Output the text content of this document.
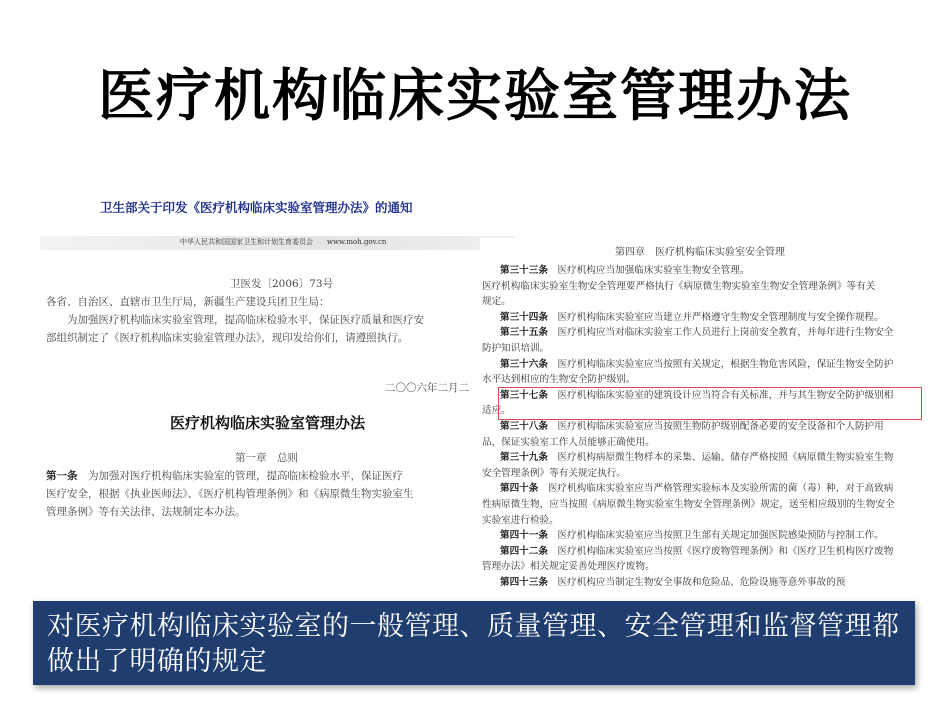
医疗机构临床实验室管理办法
卫生部关于印发《医疗机构临床实验室管理办法》的通知
中华人民共和国国家卫生和计划生育委员会　　www.moh.gov.cn
卫医发〔2006〕73号
各省、自治区、直辖市卫生厅局，新疆生产建设兵团卫生局：
　　为加强医疗机构临床实验室管理，提高临床检验水平，保证医疗质量和医疗安
部组织制定了《医疗机构临床实验室管理办法》，现印发给你们，请遵照执行。
二〇〇六年二月二
医疗机构临床实验室管理办法
第一章　总则
第一条　为加强对医疗机构临床实验室的管理，提高临床检验水平，保证医疗
医疗安全，根据《执业医师法》、《医疗机构管理条例》和《病原微生物实验室生
管理条例》等有关法律、法规制定本办法。
第四章　医疗机构临床实验室安全管理
第三十三条　医疗机构应当加强临床实验室生物安全管理。
医疗机构临床实验室生物安全管理要严格执行《病原微生物实验室生物安全管理条例》等有关
规定。
第三十四条　医疗机构临床实验室应当建立并严格遵守生物安全管理制度与安全操作规程。
第三十五条　医疗机构应当对临床实验室工作人员进行上岗前安全教育，并每年进行生物安全
防护知识培训。
第三十六条　医疗机构临床实验室应当按照有关规定，根据生物危害风险，保证生物安全防护
水平达到相应的生物安全防护级别。
第三十七条　医疗机构临床实验室的建筑设计应当符合有关标准，并与其生物安全防护级别相
适应。
第三十八条　医疗机构临床实验室应当按照生物防护级别配备必要的安全设备和个人防护用
品，保证实验室工作人员能够正确使用。
第三十九条　医疗机构病原微生物样本的采集、运输、储存严格按照《病原微生物实验室生物
安全管理条例》等有关规定执行。
第四十条　医疗机构临床实验室应当严格管理实验标本及实验所需的菌（毒）种，对于高致病
性病原微生物，应当按照《病原微生物实验室生物安全管理条例》规定，送至相应级别的生物安全
实验室进行检验。
第四十一条　医疗机构临床实验室应当按照卫生部有关规定加强医院感染预防与控制工作。
第四十二条　医疗机构临床实验室应当按照《医疗废物管理条例》和《医疗卫生机构医疗废物
管理办法》相关规定妥善处理医疗废物。
第四十三条　医疗机构应当制定生物安全事故和危险品、危险设施等意外事故的预
对医疗机构临床实验室的一般管理、质量管理、安全管理和监督管理都做出了明确的规定
